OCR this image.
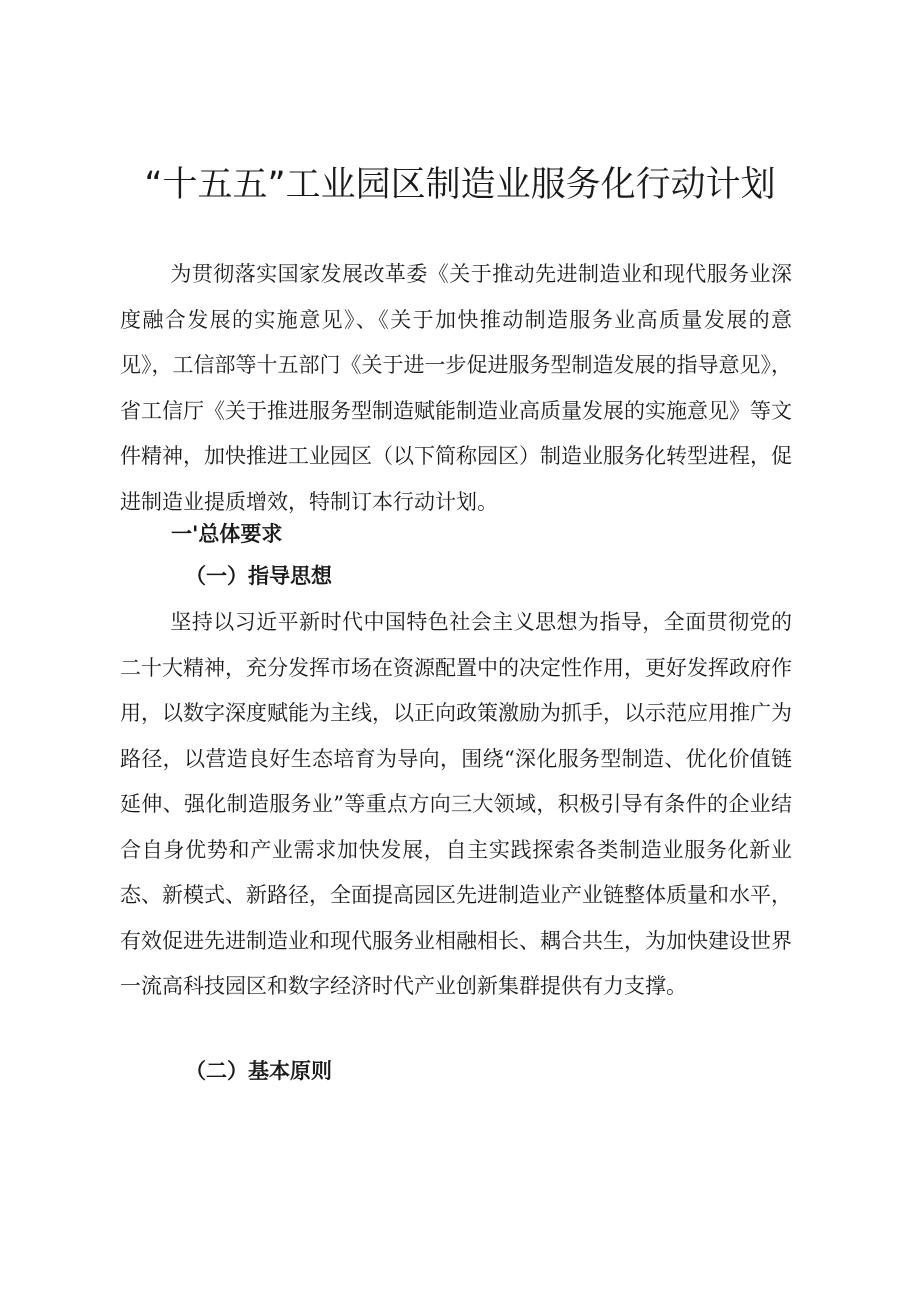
“十五五”工业园区制造业服务化行动计划
为贯彻落实国家发展改革委《关于推动先进制造业和现代服务业深度融合发展的实施意见》、《关于加快推动制造服务业高质量发展的意见》，工信部等十五部门《关于进一步促进服务型制造发展的指导意见》，省工信厅《关于推进服务型制造赋能制造业高质量发展的实施意见》等文件精神，加快推进工业园区（以下简称园区）制造业服务化转型进程，促进制造业提质增效，特制订本行动计划。
一'总体要求
（一）指导思想
坚持以习近平新时代中国特色社会主义思想为指导，全面贯彻党的二十大精神，充分发挥市场在资源配置中的决定性作用，更好发挥政府作用，以数字深度赋能为主线，以正向政策激励为抓手，以示范应用推广为路径，以营造良好生态培育为导向，围绕“深化服务型制造、优化价值链延伸、强化制造服务业”等重点方向三大领域，积极引导有条件的企业结合自身优势和产业需求加快发展，自主实践探索各类制造业服务化新业态、新模式、新路径，全面提高园区先进制造业产业链整体质量和水平，有效促进先进制造业和现代服务业相融相长、耦合共生，为加快建设世界一流高科技园区和数字经济时代产业创新集群提供有力支撑。
（二）基本原则
